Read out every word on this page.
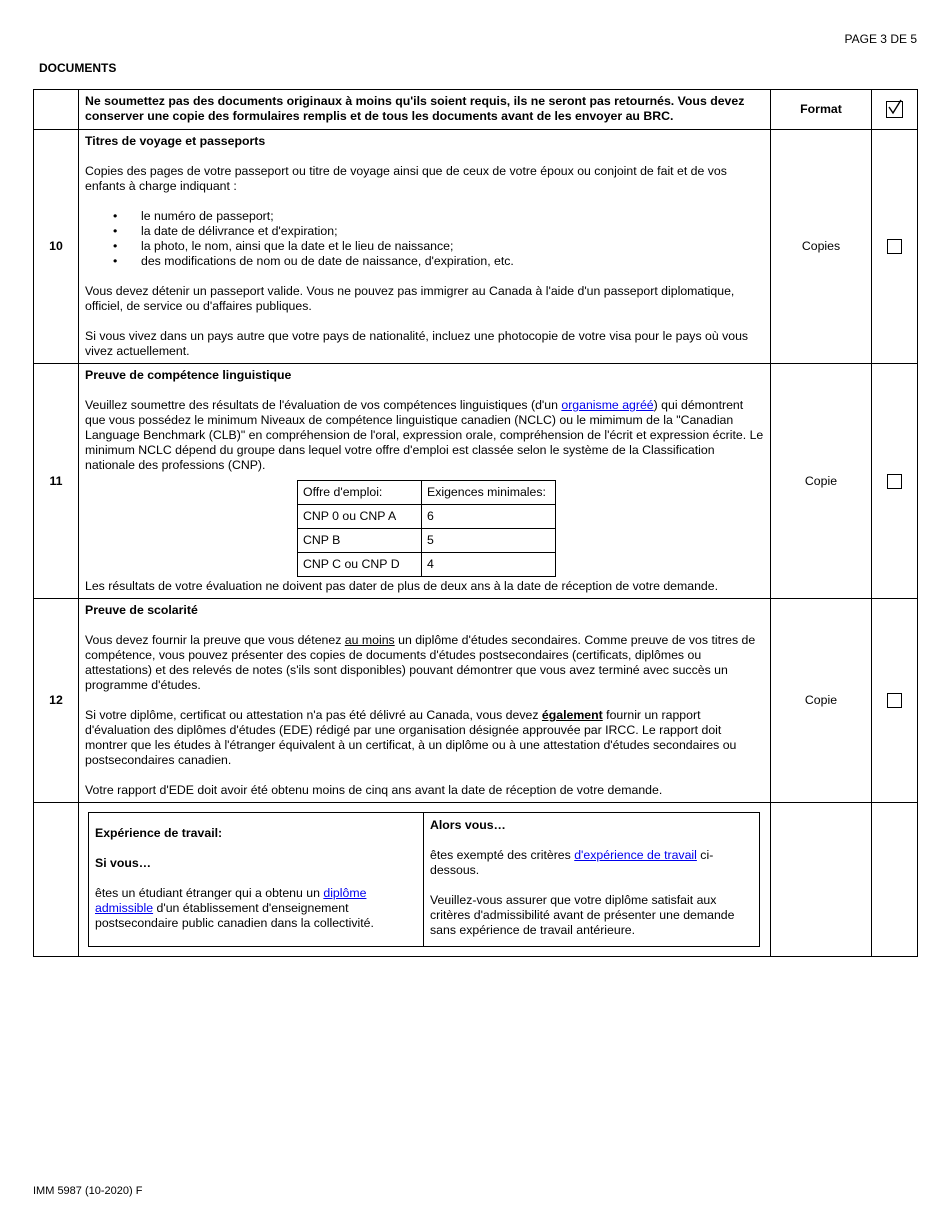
PAGE 3 DE 5
DOCUMENTS
	Ne soumettez pas des documents originaux à moins qu'ils soient requis, ils ne seront pas retournés. Vous devez conserver une copie des formulaires remplis et de tous les documents avant de les envoyer au BRC.	Format	

10	
Titres de voyage et passeports

Copies des pages de votre passeport ou titre de voyage ainsi que de ceux de votre époux ou conjoint de fait et de vos enfants à charge indiquant :

• le numéro de passeport;
• la date de délivrance et d'expiration;
• la photo, le nom, ainsi que la date et le lieu de naissance;
• des modifications de nom ou de date de naissance, d'expiration, etc.

Vous devez détenir un passeport valide. Vous ne pouvez pas immigrer au Canada à l'aide d'un passeport diplomatique, officiel, de service ou d'affaires publiques.

Si vous vivez dans un pays autre que votre pays de nationalité, incluez une photocopie de votre visa pour le pays où vous vivez actuellement.

	Copies	
11	
Preuve de compétence linguistique

Veuillez soumettre des résultats de l'évaluation de vos compétences linguistiques (d'un organisme agréé) qui démontrent que vous possédez le minimum Niveaux de compétence linguistique canadien (NCLC) ou le mimimum de la "Canadian Language Benchmark (CLB)" en compréhension de l'oral, expression orale, compréhension de l'écrit et expression écrite. Le minimum NCLC dépend du groupe dans lequel votre offre d'emploi est classée selon le système de la Classification nationale des professions (CNP).

Offre d'emploi:	Exigences minimales:
CNP 0 ou CNP A	6
CNP B	5
CNP C ou CNP D	4

Les résultats de votre évaluation ne doivent pas dater de plus de deux ans à la date de réception de votre demande.

	Copie	
12	
Preuve de scolarité

Vous devez fournir la preuve que vous détenez au moins un diplôme d'études secondaires. Comme preuve de vos titres de compétence, vous pouvez présenter des copies de documents d'études postsecondaires (certificats, diplômes ou attestations) et des relevés de notes (s'ils sont disponibles) pouvant démontrer que vous avez terminé avec succès un programme d'études.

Si votre diplôme, certificat ou attestation n'a pas été délivré au Canada, vous devez également fournir un rapport d'évaluation des diplômes d'études (EDE) rédigé par une organisation désignée approuvée par IRCC. Le rapport doit montrer que les études à l'étranger équivalent à un certificat, à un diplôme ou à une attestation d'études secondaires ou postsecondaires canadien.

Votre rapport d'EDE doit avoir été obtenu moins de cinq ans avant la date de réception de votre demande.

	Copie	

Expérience de travail:
Si vous…
êtes un étudiant étranger qui a obtenu un diplôme admissible d'un établissement d'enseignement postsecondaire public canadien dans la collectivité.

Alors vous…
êtes exempté des critères d'expérience de travail ci-dessous.
Veuillez-vous assurer que votre diplôme satisfait aux critères d'admissibilité avant de présenter une demande sans expérience de travail antérieure.

IMM 5987 (10-2020) F
